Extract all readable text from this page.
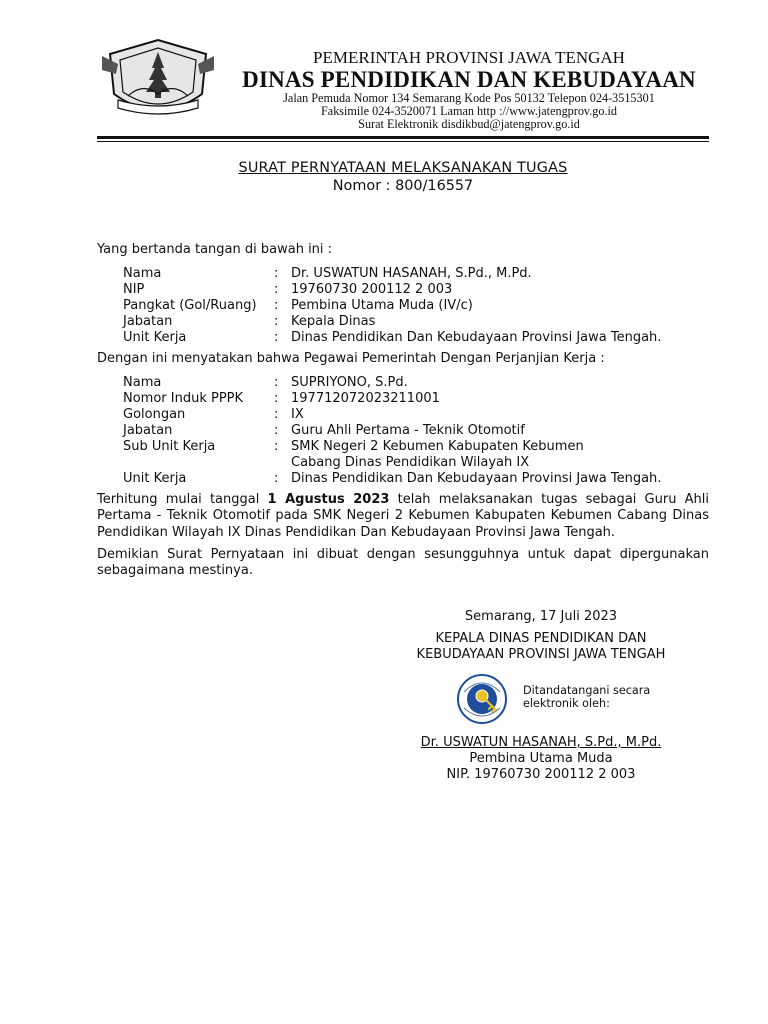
PEMERINTAH PROVINSI JAWA TENGAH
DINAS PENDIDIKAN DAN KEBUDAYAAN
Jalan Pemuda Nomor 134 Semarang Kode Pos 50132 Telepon 024-3515301
Faksimile 024-3520071 Laman http ://www.jatengprov.go.id
Surat Elektronik disdikbud@jatengprov.go.id
SURAT PERNYATAAN MELAKSANAKAN TUGAS
Nomor : 800/16557
Yang bertanda tangan di bawah ini :
Nama	: Dr. USWATUN HASANAH, S.Pd., M.Pd.
NIP	: 19760730 200112 2 003
Pangkat (Gol/Ruang) : Pembina Utama Muda (IV/c)
Jabatan	: Kepala Dinas
Unit Kerja	: Dinas Pendidikan Dan Kebudayaan Provinsi Jawa Tengah.
Dengan ini menyatakan bahwa Pegawai Pemerintah Dengan Perjanjian Kerja :
Nama	: SUPRIYONO, S.Pd.
Nomor Induk PPPK : 197712072023211001
Golongan	: IX
Jabatan	: Guru Ahli Pertama - Teknik Otomotif
Sub Unit Kerja	: SMK Negeri 2 Kebumen Kabupaten Kebumen
Cabang Dinas Pendidikan Wilayah IX
Unit Kerja	: Dinas Pendidikan Dan Kebudayaan Provinsi Jawa Tengah.
Terhitung mulai tanggal 1 Agustus 2023 telah melaksanakan tugas sebagai Guru Ahli Pertama - Teknik Otomotif pada SMK Negeri 2 Kebumen Kabupaten Kebumen Cabang Dinas Pendidikan Wilayah IX Dinas Pendidikan Dan Kebudayaan Provinsi Jawa Tengah.
Demikian Surat Pernyataan ini dibuat dengan sesungguhnya untuk dapat dipergunakan sebagaimana mestinya.
Semarang, 17 Juli 2023
KEPALA DINAS PENDIDIKAN DAN
KEBUDAYAAN PROVINSI JAWA TENGAH
Ditandatangani secara
elektronik oleh:
Dr. USWATUN HASANAH, S.Pd., M.Pd.
Pembina Utama Muda
NIP. 19760730 200112 2 003
